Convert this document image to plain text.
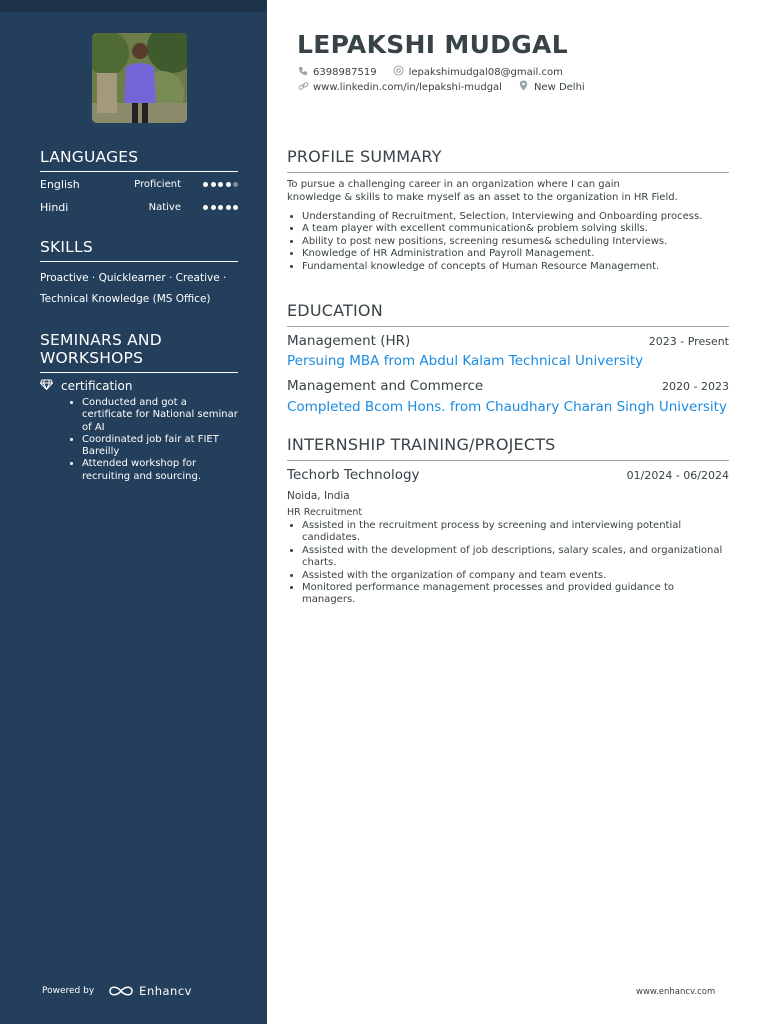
LANGUAGES
English	Proficient
Hindi	Native
SKILLS
Proactive · Quicklearner · Creative ·
Technical Knowledge (MS Office)
SEMINARS AND
WORKSHOPS
certification
• Conducted and got a certificate for National seminar of AI
• Coordinated job fair at FIET Bareilly
• Attended workshop for recruiting and sourcing.
Powered by	Enhancv
LEPAKSHI MUDGAL
6398987519	lepakshimudgal08@gmail.com
www.linkedin.com/in/lepakshi-mudgal	New Delhi
PROFILE SUMMARY
To pursue a challenging career in an organization where I can gain
knowledge & skills to make myself as an asset to the organization in HR Field.
• Understanding of Recruitment, Selection, Interviewing and Onboarding process.
• A team player with excellent communication& problem solving skills.
• Ability to post new positions, screening resumes& scheduling Interviews.
• Knowledge of HR Administration and Payroll Management.
• Fundamental knowledge of concepts of Human Resource Management.
EDUCATION
Management (HR)	2023 - Present
Persuing MBA from Abdul Kalam Technical University
Management and Commerce	2020 - 2023
Completed Bcom Hons. from Chaudhary Charan Singh University
INTERNSHIP TRAINING/PROJECTS
Techorb Technology	01/2024 - 06/2024
Noida, India
HR Recruitment
• Assisted in the recruitment process by screening and interviewing potential candidates.
• Assisted with the development of job descriptions, salary scales, and organizational charts.
• Assisted with the organization of company and team events.
• Monitored performance management processes and provided guidance to managers.
www.enhancv.com
